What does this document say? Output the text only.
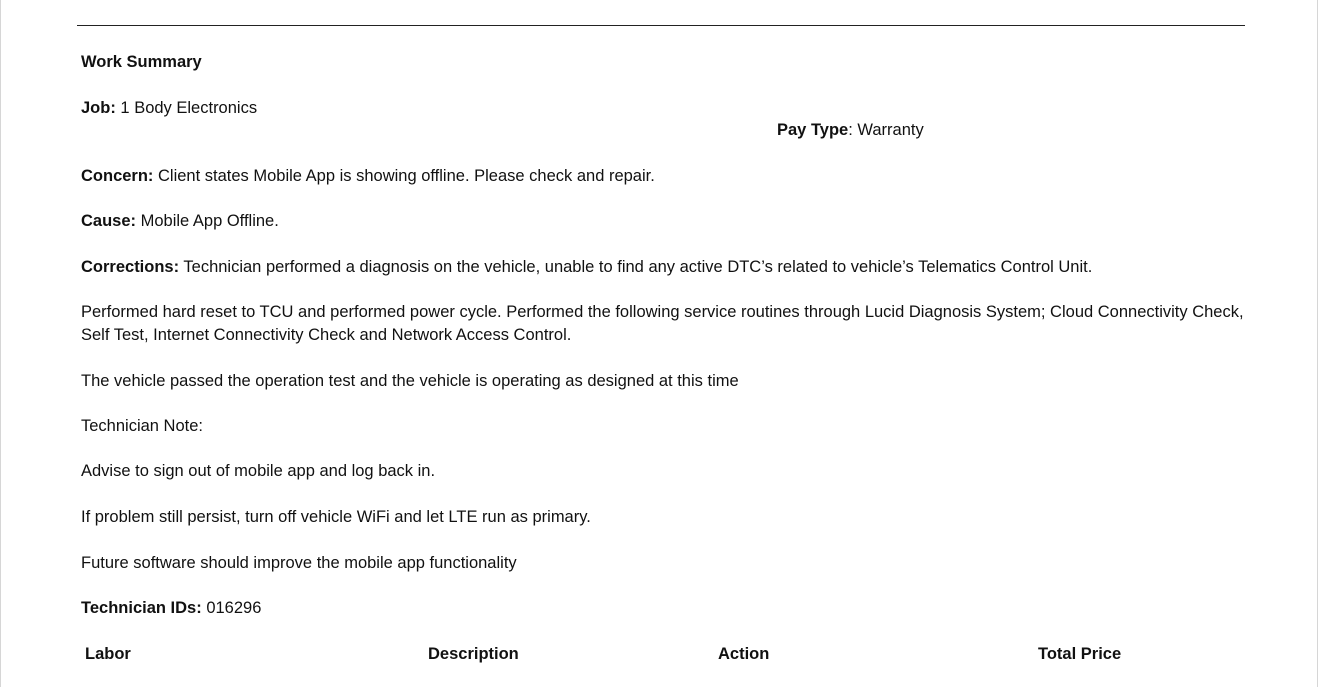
Work Summary
Job: 1 Body Electronics
Pay Type: Warranty
Concern: Client states Mobile App is showing offline. Please check and repair.
Cause: Mobile App Offline.
Corrections: Technician performed a diagnosis on the vehicle, unable to find any active DTC’s related to vehicle’s Telematics Control Unit.
Performed hard reset to TCU and performed power cycle. Performed the following service routines through Lucid Diagnosis System; Cloud Connectivity Check, Self Test, Internet Connectivity Check and Network Access Control.
The vehicle passed the operation test and the vehicle is operating as designed at this time
Technician Note:
Advise to sign out of mobile app and log back in.
If problem still persist, turn off vehicle WiFi and let LTE run as primary.
Future software should improve the mobile app functionality
Technician IDs: 016296
Labor	Description	Action	Total Price
